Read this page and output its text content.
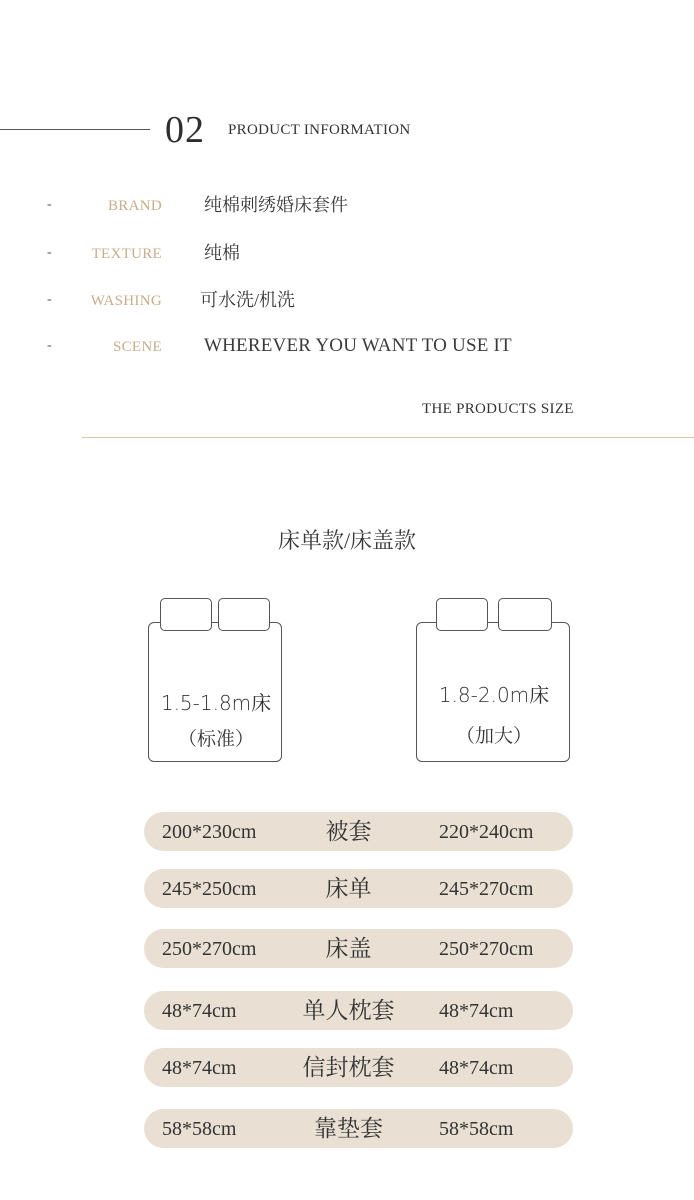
02 PRODUCT INFORMATION
-	BRAND 纯棉刺绣婚床套件
-	TEXTURE 纯棉
-	WASHING 可水洗/机洗
-	SCENE WHEREVER YOU WANT TO USE IT
THE PRODUCTS SIZE
床单款/床盖款
1.5-1.8m床
（标准）
1.8-2.0m床
（加大）
200*230cm	被套	220*240cm
245*250cm	床单	245*270cm
250*270cm	床盖	250*270cm
48*74cm	单人枕套	48*74cm
48*74cm	信封枕套	48*74cm
58*58cm	靠垫套	58*58cm
